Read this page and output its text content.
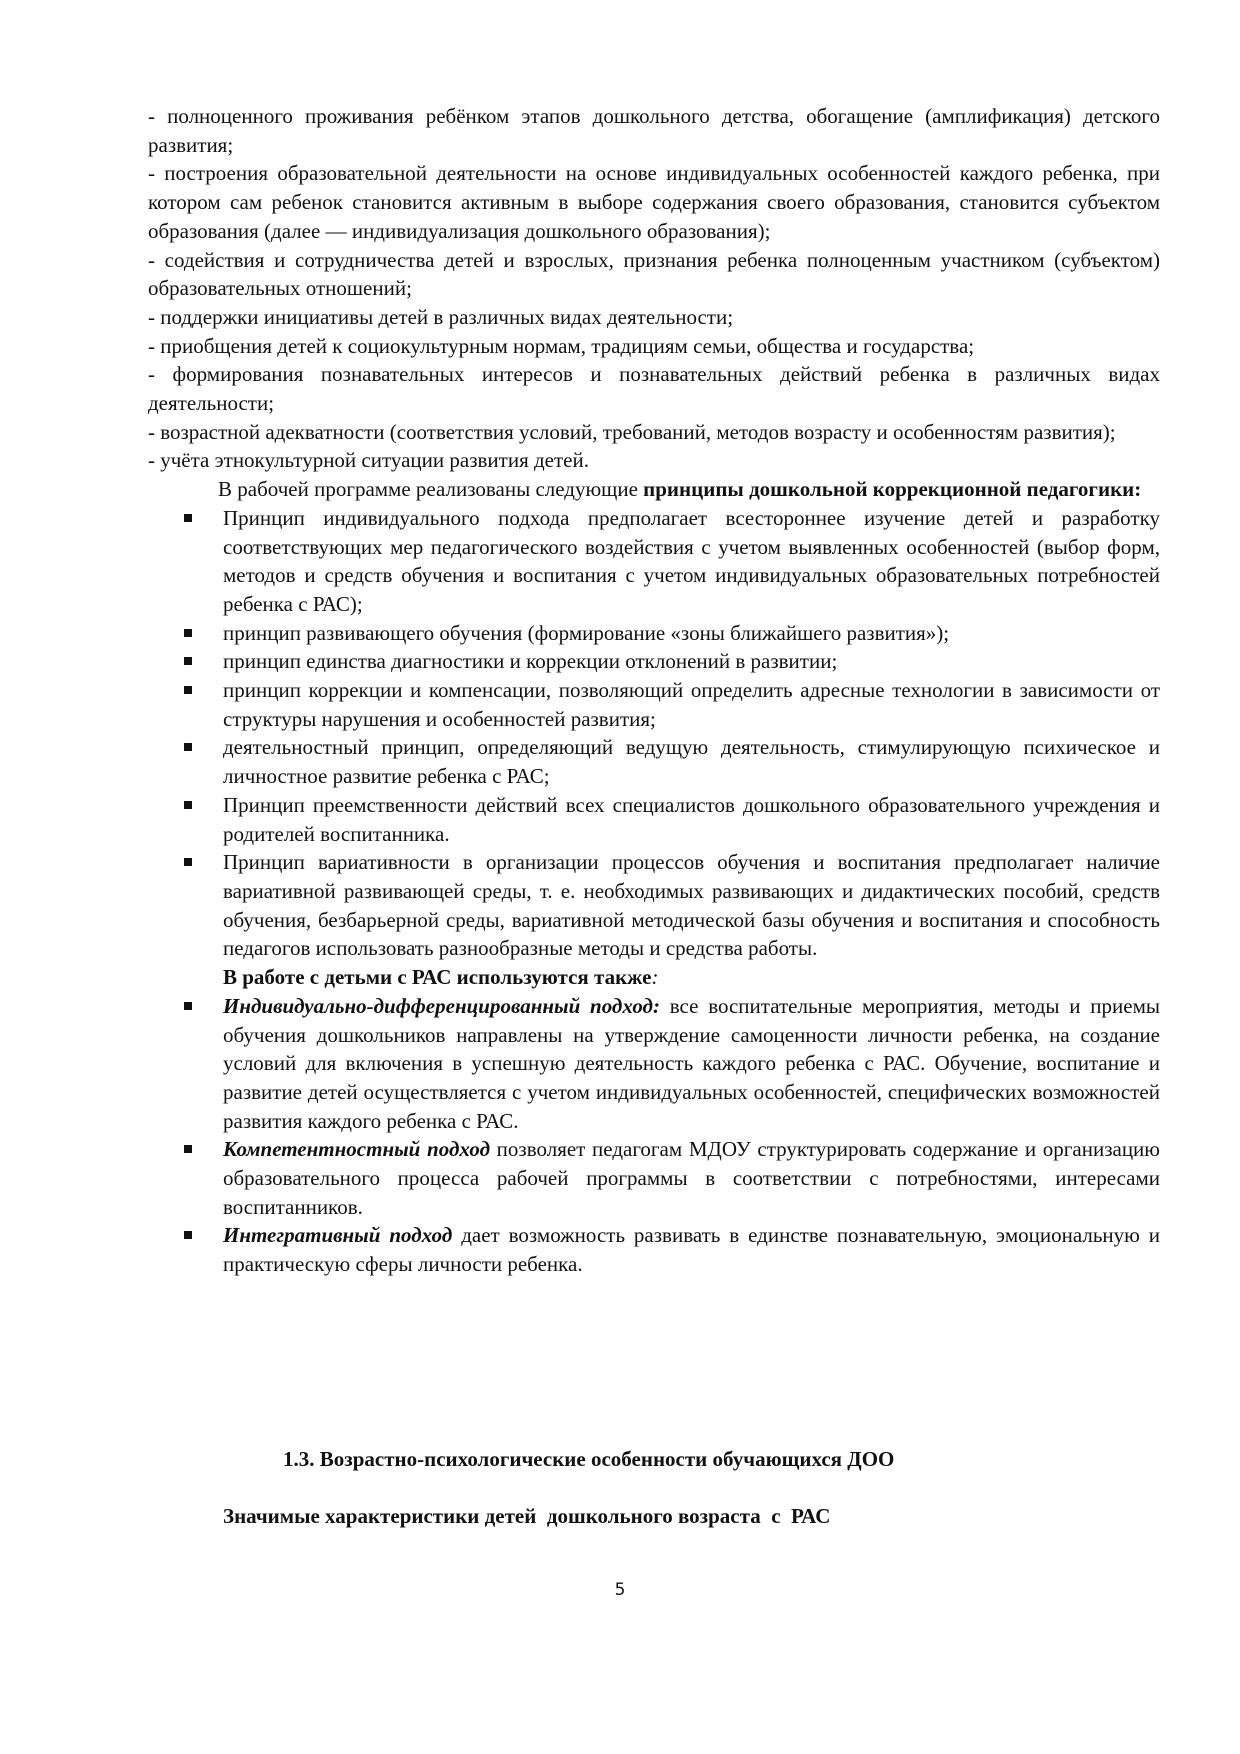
- полноценного проживания ребёнком этапов дошкольного детства, обогащение (амплификация) детского развития;

- построения образовательной деятельности на основе индивидуальных особенностей каждого ребенка, при котором сам ребенок становится активным в выборе содержания своего образования, становится субъектом образования (далее — индивидуализация дошкольного образования);

- содействия и сотрудничества детей и взрослых, признания ребенка полноценным участником (субъектом) образовательных отношений;

- поддержки инициативы детей в различных видах деятельности;

- приобщения детей к социокультурным нормам, традициям семьи, общества и государства;

- формирования познавательных интересов и познавательных действий ребенка в различных видах деятельности;

- возрастной адекватности (соответствия условий, требований, методов возрасту и особенностям развития);

- учёта этнокультурной ситуации развития детей.

В рабочей программе реализованы следующие принципы дошкольной коррекционной педагогики:

Принцип индивидуального подхода предполагает всестороннее изучение детей и разработку соответствующих мер педагогического воздействия с учетом выявленных особенностей (выбор форм, методов и средств обучения и воспитания с учетом индивидуальных образовательных потребностей ребенка с РАС);
принцип развивающего обучения (формирование «зоны ближайшего развития»);
принцип единства диагностики и коррекции отклонений в развитии;
принцип коррекции и компенсации, позволяющий определить адресные технологии в зависимости от структуры нарушения и особенностей развития;
деятельностный принцип, определяющий ведущую деятельность, стимулирующую психическое и личностное развитие ребенка с РАС;
Принцип преемственности действий всех специалистов дошкольного образовательного учреждения и родителей воспитанника.
Принцип вариативности в организации процессов обучения и воспитания предполагает наличие вариативной развивающей среды, т. е. необходимых развивающих и дидактических пособий, средств обучения, безбарьерной среды, вариативной методической базы обучения и воспитания и способность педагогов использовать разнообразные методы и средства работы.

В работе с детьми с РАС используются также:

Индивидуально-дифференцированный подход: все воспитательные мероприятия, методы и приемы обучения дошкольников направлены на утверждение самоценности личности ребенка, на создание условий для включения в успешную деятельность каждого ребенка с РАС. Обучение, воспитание и развитие детей осуществляется с учетом индивидуальных особенностей, специфических возможностей развития каждого ребенка с РАС.
Компетентностный подход позволяет педагогам МДОУ структурировать содержание и организацию образовательного процесса рабочей программы в соответствии с потребностями, интересами воспитанников.
Интегративный подход дает возможность развивать в единстве познавательную, эмоциональную и практическую сферы личности ребенка.
1.3. Возрастно-психологические особенности обучающихся ДОО
Значимые характеристики детей  дошкольного возраста  с  РАС
5
